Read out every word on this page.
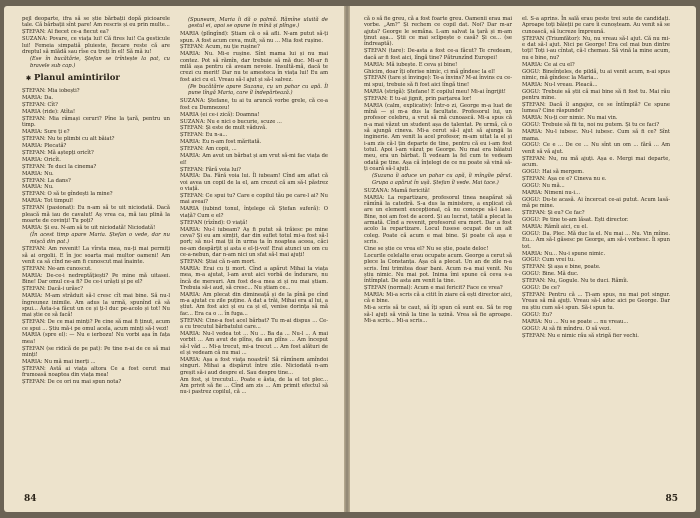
pejl deoparte, ifra să se știe bărbații dopă picioarele tale. Că bărbații sînt pare! Am rescris și eu prin multe...

ȘTEFAN: Al fiecet ce-a fiecut ea?

SUZANA: Povare, ce viața lui! Că fires lui! Ca gesticule lui! Femeia simpatiă pluieste, fiecare reste că are dreptul să mlădă sau rîse cu treți în el! Să mă iu!

(Ese în bucătărie, Ștefan se trîntește la pat, cu bravele sub cap.)

✱ Planul amintirilor

ȘTEFAN: Mia iobești?

MARIA: Da.

ȘTEFAN: Cît?

MARIA (ride): Atîta!

ȘTEFAN: Mia rămași ceruri? Pîne la țară, pentru un timp.

MARIA: Sure ți e?

ȘTEFAN: Nu te plimbi cu alt băiat?

MARIA: Plecată?

ȘTEFAN: Mă aștepți oricît?

MARIA: Oricît.

ȘTEFAN: Te duci la cinema?

MARIA: Nu.

ȘTEFAN: La dans?

MARIA: Nu.

ȘTEFAN: O să te gîndești la mine?

MARIA: Tot timpul!

ȘTEFAN (pasionat): Eu n-am să te uit niciodată. Dacă pleacă mă iau de cavalut! Aș vrea ca, mă iau plină la moarte de covinți! Tu poți?

MARIA: Și eu. N-am să te uit niciodată! Niciodată!

(În acest timp apare Maria. Ștefan o vede, dar nu mișcă din pat.)

ȘTEFAN: Am revenit! La vîrsta mea, nu-ți mai permiți să ai orgolii. E în joc soarta mai multor oameni! Am venit ca să cînd ne-am fi cunoscut mai înainte.

ȘTEFAN: Ne-am cunoscut.

MARIA: De-ce-i nedreptățiești? Pe mine mă uitasei. Bine! Dar omul ce-a fi? De ce-i urăști și pe el?

ȘTEFAN: Dacă-i urăsc?

MARIA: M-am străduit să-l cresc cît mai bine. Să nu-l îngreunez inimile. Am adus la urmă, spunînd că să spui... Ăsta-i-a făcut un ce și ți-l duc pe-acolo și tot! Nu mai știe ce să facă!

ȘTEFAN: De ce mai minți? Pe cine să mai fi ținut, acum ce spui ... Știu mă-i pe omul acela, acum minți să-l vezi!

MARIA (spre el): — Nu e ierbozu! Nu vorbi așa în fața mea!

ȘTEFAN (se ridică de pe pat): Pe tine n-ai de ce să mai minți!

MARIA: Nu mă mai inerți ...

ȘTEFAN: Astă ai viața altora Ce a fost cerut mai frumoasă noaptea din viața mea!

ȘTEFAN: De ce ori nu mai spun nota?

(Spuneam, Maria îi dă o palmă. Rămîne uluită de gestul ei, apoi se opune în mînă și plînge.)

MARIA (plîngînd): Știam că o să afli. N-am putut să-ți spun. A fost acum ceva, mult, să nu ... Mia fost rușine.

ȘTEFAN: Acum, nu ție rușine?

MARIA: Nu. Mi-e rușine. Sînt mama lui și nu mai contez. Pot să rămîn, dar trebuie să mă duc. Mi-ar fi milă așa pentru că aveam nevoie. Insultă-mă, dacă te crezi cu merit! Dar nu te amesteca în viața lui! Eu am fost aici cu el. Vreau să-l ajut și să-l salvez.

(Pe bucătărie apare Suzana, cu un pahar cu apă. Îl pune lîngă Maria, care îl îndepărtează.)

SUZANA: Ștefane, tu ai tu aruncă vorbe grele, că ce-a fost cu Dumnezeu!

MARIA (ei ce-i zică): Doamna!

SUZANA: Nu e nici o bucurie, scuze ...

ȘTEFAN: Și este de mult văduvă.

ȘTEFAN: Eu n-a...

MARIA: Eu n-am fost măritată.

ȘTEFAN: Am copii, ...

MARIA: Am avut un bărbat și am vrut să-mi fac viața de el!

ȘTEFAN: Fără voia lui?

MARIA: Da. Fără voia lui. Îl iubeam! Cînd am aflat că voi avea un copil de la el, am crezut că am să-l păstrez o viață.

ȘTEFAN: Ce spui tu? Care e copilul tău pe care-l ai? Nu mai aveai?

MARIA (iubind tonul, înțelege că Ștefan suferă): O viață? Cum e el?

ȘTEFAN (rîzînd): O viață!

MARIA: Nu-l iubeam? Aș fi putut să trăiesc pe mine ceva? Și eu am simțit, dar din suflet totul mi-a fost să-l port; să nu-l mai ții în urma ta în noaptea aceea, căci ne-am despărțit și asta e el-ți-voi! Erai atunci un om cu ce-a-nebun, dar n-am nici un sfat să-l mai ajuți!

ȘTEFAN: Știai că n-am mort.

MARIA: Erai cu ți mort. Cînd a apărut Mihai la viața mea, m-a ajutat, l-am avut aici vorbă de îndurare, nu încă de mersuri. Am fost de-a mea zi și nu mai știam. Trebuia să-i aud, să cresc... Nu știam ce...

MARIA: Am plecat din dimineață și de la pînă pe cînd m-a ajutat cu zile puține. A dat a trăi, Mihai era al lui, a știut. Am fost aici și eu ca și el, venise dorința să mă fac... Era ca o ... în fuga...

ȘTEFAN: Cine-a fost acel bărbat? Tu m-ai dispus ... Ce-a cu trecutul bărbatului care...

MARIA: Nu-l vedea tot ... Nu ... Ba da ... Nu-l ... A mai vorbit ... Am avut de plîns, da am plîns ... Am început să-l văd ... Mi-a trecut, mi-a trecut ... Am fost alături de el și vedeam că nu mai ...

MARIA: Așa a fost viața noastră! Să rămînem amîndoi singuri. Mihai a dispărut între zile. Niciodată n-am greșit să-i aud despre el. Sau despre tine...

Am fost, și trecutul... Poate e ăsta, de la el tot plec... Am privit să fie ... Cînd am zis ... Am primit efectul să nu-i pastrez copilul, că ...

84

că o să fie greu, că a fost foarte greu. Oamenii erau mai vorbe. „Am?” Și rechem ce copil dat. Noi? Dar m-ar ajuta? George le semăna. L-am salvat la țară și m-am ținut așa... Știi ce mai sclipește o casă? Și ce... (se îndreaptă).

ȘTEFAN (tare): De-asta a fost ce-a făcut? Te credeam, dacă ar fi fost aici, lîngă tine? Pătrunzînd Europei!

MARIA: Mă iubește. E ceva și bine!

Ghicim, doar îți oferise nimic, ci mă gîndesc la el!

ȘTEFAN (tare și învinge): Te-a învins? M-ai învins cu ce-mi spui, trebuie să fi fost aici lîngă tine!

MARIA (strigă): Ștefane! E copilul meu! Mi-ai îngrijit!

ȘTEFAN: E tu-ai jignit, prin parțarea lor!

MARIA (calm, explicativ): Într-o zi, George m-a luat de mînă — și m-a dus la facultate. Profesorul lui, un profesor celebru, a vrut să mă cunoască. Mi-a spus că n-a mai văzut un student așa de talentat. Pe urmă, că o să ajungă cineva. Mi-a cerut să-l ajut să ajungă la inginerie. Am venit la acel profesor, m-am uitat la el și i-am zis că-l țin departe de tine, pentru că eu i-am fost totul. Apoi l-am văzut pe George. Nu mai era băiatul meu, era un bărbat. Îl vedeam la fel cum te vedeam odată pe tine. Așa că înțelegi de ce nu poate să vină să-ți ceară să-l ajuți.

(Suzana îi aduce un pahar cu apă, îi mîngîie părul. Grupa a apărut în ușă. Ștefan îl vede. Mai tace.)

SUZANA: Mamă fericită!

MARIA: La repartizare, profesorul tinea neapărat să rămînă la catedră. S-a dus la ministere, a explicat că are un element excepțional, că nu concepe să-l lase. Bine, noi am fost de acord. Și au lucrat, tatăl a plecat la armată. Cînd a revenit, profesorul era mort. Dar a fost acolo la repartizare. Locul fusese ocupat de un alt coleg. Poate că acum e mai bine. Și poate că așa e scris.

Cine se știe ce vrea el? Nu se știe, poate deloc!

Locurile celelalte erau ocupate acum. George a cerut să plece la Constanța. Așa că a plecat. Un an de zile n-a scris. Îmi trimitea doar bani. Acum n-a mai venit. Nu știu nimic. Nu mai pot. Inima îmi spune că ceva s-a întîmplat. De asta am venit la tine.

ȘTEFAN (normal): Acum e mai fericit? Face ce vrea?

MARIA: Mi-a scris că a citit în ziare că ești director aici, că e bine.

Mi-a scris să te caut, să îți spun că sunt eu. Să te rog să-l ajuți să vină la tine la uzină. Vrea să fie aproape. Mi-a scris... Mi-a scris...

el. S-a aprins. În sală erau peste trei sute de candidați. Aproape toți băieții pe care îi cunoșteam. Au venit să se cunoască, să lucreze împreună.

ȘTEFAN (Triumfător): Nu, nu vreau să-l ajut. Că nu mi-e dat să-l ajut. Nici pe George! Era cel mai bun dintre toți! Toți i-au cîntat, că-l chemau. Să vină la mine acum, nu e bine, nu?

MARIA: Ce ai cu el?

GOGU: Bineînțeles, de pildă, tu ai venit acum, n-ai spus nimic, mă gîndesc la Maria...

MARIA: Nu-l vreau. Pleacă...

GOGU: Trebuie să știi că mai bine să fi fost tu. Mai rău pentru mine.

ȘTEFAN: Dacă îl angajez, ce se întîmplă? Ce spune lumea? Cine răspunde?

MARIA: Nu-ți cer nimic. Nu mai vin.

GOGU: Trebuie să fii tu, noi nu putem. Și tu ce faci?

MARIA: Nu-l iubesc. Nu-l iubesc. Cum să fi ce? Sînt mama.

GOGU: Ce e ... De ce ... Nu sînt un om ... fără ... Am venit să vă ajut.

ȘTEFAN: Nu, nu mă ajuți. Așa e. Mergi mai departe, acum.

GOGU: Hai să mergem.

ȘTEFAN: Așa ce e? Cineva nu e.

GOGU: Nu mă...

MARIA: Nimeni nu-i...

GOGU: Du-te acasă. Ai încercat ce-ai putut. Acum lasă-mă pe mine.

ȘTEFAN: Și eu? Ce fac?

GOGU: Pe tine te-am lăsat. Ești director.

MARIA: Rămîi aici, cu el.

GOGU: Da. Plec. Mă duc la el. Nu mai ... Nu. Vin mîine. Eu... Am să-l găsesc pe George, am să-i vorbesc. Îi spun tot.

MARIA: Nu... Nu-i spune nimic.

GOGU: Cum vrei tu.

ȘTEFAN: Și așa e bine, poate.

GOGU: Bine. Mă duc.

ȘTEFAN: Nu, Gogule. Nu te duci. Rămîi.

GOGU: De ce?

ȘTEFAN: Pentru că ... Ți-am spus, nu mai pot singur. Vreau să mă ajuți. Vreau să-l aduc aici pe George. Dar nu știu cum să-i spun. Să-i spun tu.

GOGU: Eu?

MARIA: Nu ... Nu se poate ... nu vreau...

GOGU: Ai să fii mîndru. O să vezi.

ȘTEFAN: Nu e nimic rău să strigă fier vechi.

85
